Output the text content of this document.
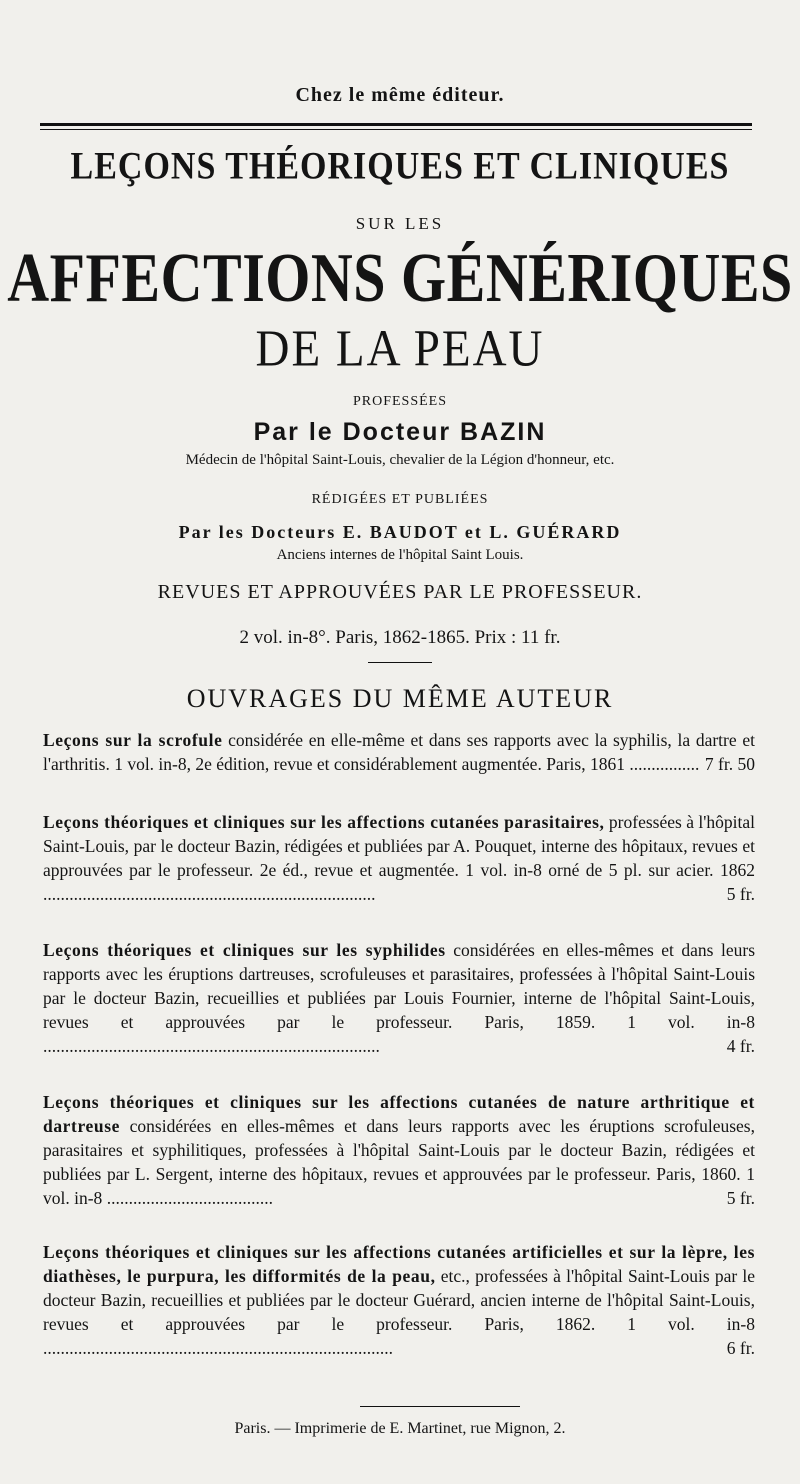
Chez le même éditeur.
LEÇONS THÉORIQUES ET CLINIQUES
SUR LES
AFFECTIONS GÉNÉRIQUES
DE LA PEAU
PROFESSÉES
Par le Docteur BAZIN
Médecin de l'hôpital Saint-Louis, chevalier de la Légion d'honneur, etc.
RÉDIGÉES ET PUBLIÉES
Par les Docteurs E. BAUDOT et L. GUÉRARD
Anciens internes de l'hôpital Saint Louis.
REVUES ET APPROUVÉES PAR LE PROFESSEUR.
2 vol. in-8°. Paris, 1862-1865. Prix : 11 fr.
OUVRAGES DU MÊME AUTEUR
Leçons sur la scrofule considérée en elle-même et dans ses rapports avec la syphilis, la dartre et l'arthritis. 1 vol. in-8, 2e édition, revue et considérablement augmentée. Paris, 1861 ................ 7 fr. 50
Leçons théoriques et cliniques sur les affections cutanées parasitaires, professées à l'hôpital Saint-Louis, par le docteur Bazin, rédigées et publiées par A. Pouquet, interne des hôpitaux, revues et approuvées par le professeur. 2e éd., revue et augmentée. 1 vol. in-8 orné de 5 pl. sur acier. 1862 ............................................................................	5 fr.
Leçons théoriques et cliniques sur les syphilides considérées en elles-mêmes et dans leurs rapports avec les éruptions dartreuses, scrofuleuses et parasitaires, professées à l'hôpital Saint-Louis par le docteur Bazin, recueillies et publiées par Louis Fournier, interne de l'hôpital Saint-Louis, revues et approuvées par le professeur. Paris, 1859. 1 vol. in-8 .............................................................................	4 fr.
Leçons théoriques et cliniques sur les affections cutanées de nature arthritique et dartreuse considérées en elles-mêmes et dans leurs rapports avec les éruptions scrofuleuses, parasitaires et syphilitiques, professées à l'hôpital Saint-Louis par le docteur Bazin, rédigées et publiées par L. Sergent, interne des hôpitaux, revues et approuvées par le professeur. Paris, 1860. 1 vol. in-8 ......................................	5 fr.
Leçons théoriques et cliniques sur les affections cutanées artificielles et sur la lèpre, les diathèses, le purpura, les difformités de la peau, etc., professées à l'hôpital Saint-Louis par le docteur Bazin, recueillies et publiées par le docteur Guérard, ancien interne de l'hôpital Saint-Louis, revues et approuvées par le professeur. Paris, 1862. 1 vol. in-8 ................................................................................	6 fr.
Paris. — Imprimerie de E. Martinet, rue Mignon, 2.
